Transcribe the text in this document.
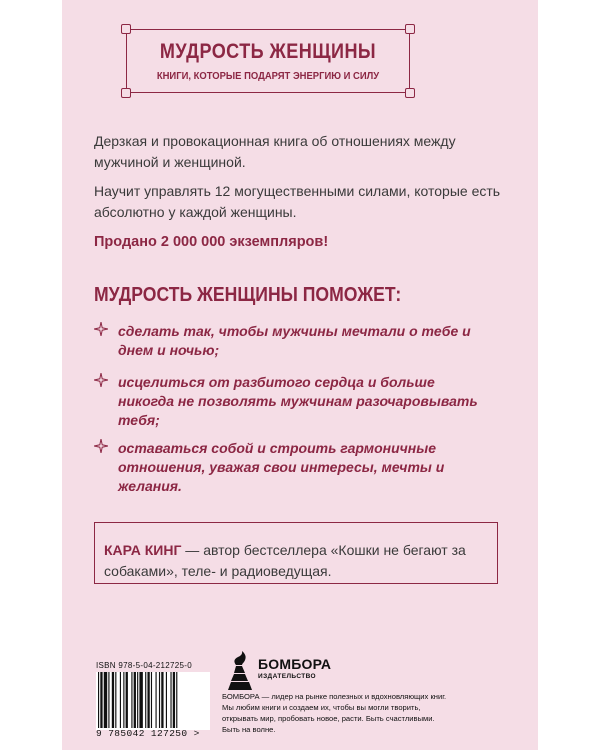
МУДРОСТЬ ЖЕНЩИНЫ
КНИГИ, КОТОРЫЕ ПОДАРЯТ ЭНЕРГИЮ И СИЛУ

Дерзкая и провокационная книга об отношениях между мужчиной и женщиной.

Научит управлять 12 могущественными силами, которые есть абсолютно у каждой женщины.

Продано 2 000 000 экземпляров!

МУДРОСТЬ ЖЕНЩИНЫ ПОМОЖЕТ:

сделать так, чтобы мужчины мечтали о тебе и днем и ночью;
исцелиться от разбитого сердца и больше никогда не позволять мужчинам разочаровывать тебя;
оставаться собой и строить гармоничные отношения, уважая свои интересы, мечты и желания.

КАРА КИНГ — автор бестселлера «Кошки не бегают за собаками», теле- и радиоведущая.

ISBN 978-5-04-212725-0
9 785042 127250 >
БОМБОРА
ИЗДАТЕЛЬСТВО

БОМБОРА — лидер на рынке полезных и вдохновляющих книг. Мы любим книги и создаем их, чтобы вы могли творить, открывать мир, пробовать новое, расти. Быть счастливыми. Быть на волне.
